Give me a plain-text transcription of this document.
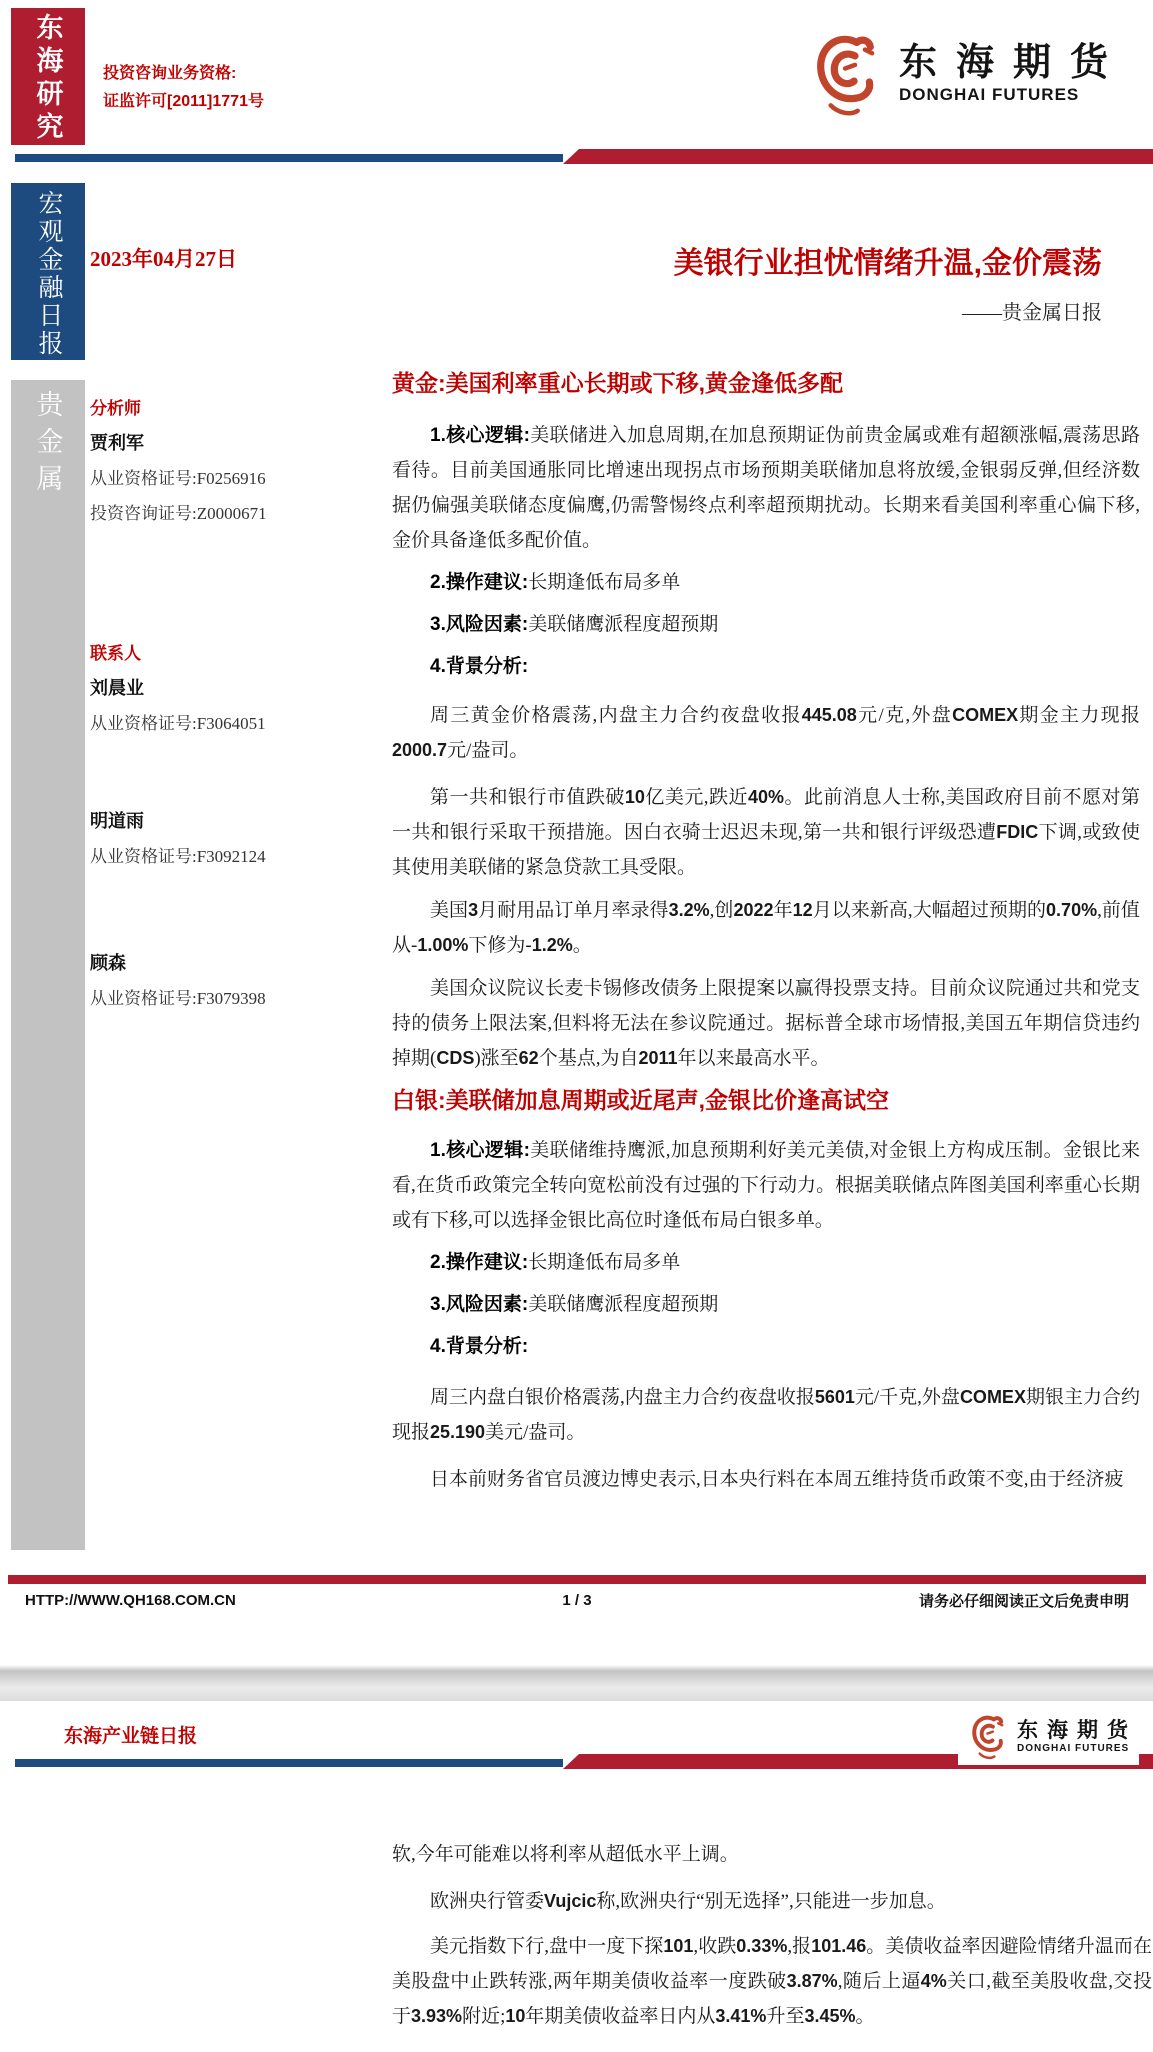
东海研究	投资咨询业务资格:
证监许可[2011]1771号
东海期货
DONGHAI FUTURES
宏观金融日报
贵金属
2023年04月27日	美银行业担忧情绪升温,金价震荡
——贵金属日报
分析师
贾利军
从业资格证号:F0256916
投资咨询证号:Z0000671
联系人
刘晨业
从业资格证号:F3064051
明道雨
从业资格证号:F3092124
顾森
从业资格证号:F3079398
黄金:美国利率重心长期或下移,黄金逢低多配

1.核心逻辑:美联储进入加息周期,在加息预期证伪前贵金属或难有超额涨幅,震荡思路看待。目前美国通胀同比增速出现拐点市场预期美联储加息将放缓,金银弱反弹,但经济数据仍偏强美联储态度偏鹰,仍需警惕终点利率超预期扰动。长期来看美国利率重心偏下移,金价具备逢低多配价值。

2.操作建议:长期逢低布局多单

3.风险因素:美联储鹰派程度超预期

4.背景分析:

周三黄金价格震荡,内盘主力合约夜盘收报445.08元/克,外盘COMEX期金主力现报2000.7元/盎司。

第一共和银行市值跌破10亿美元,跌近40%。此前消息人士称,美国政府目前不愿对第一共和银行采取干预措施。因白衣骑士迟迟未现,第一共和银行评级恐遭FDIC下调,或致使其使用美联储的紧急贷款工具受限。

美国3月耐用品订单月率录得3.2%,创2022年12月以来新高,大幅超过预期的0.70%,前值从-1.00%下修为-1.2%。

美国众议院议长麦卡锡修改债务上限提案以赢得投票支持。目前众议院通过共和党支持的债务上限法案,但料将无法在参议院通过。据标普全球市场情报,美国五年期信贷违约掉期(CDS)涨至62个基点,为自2011年以来最高水平。

白银:美联储加息周期或近尾声,金银比价逢高试空

1.核心逻辑:美联储维持鹰派,加息预期利好美元美债,对金银上方构成压制。金银比来看,在货币政策完全转向宽松前没有过强的下行动力。根据美联储点阵图美国利率重心长期或有下移,可以选择金银比高位时逢低布局白银多单。

2.操作建议:长期逢低布局多单

3.风险因素:美联储鹰派程度超预期

4.背景分析:

周三内盘白银价格震荡,内盘主力合约夜盘收报5601元/千克,外盘COMEX期银主力合约现报25.190美元/盎司。

日本前财务省官员渡边博史表示,日本央行料在本周五维持货币政策不变,由于经济疲

HTTP://WWW.QH168.COM.CN	1 / 3	请务必仔细阅读正文后免责申明
东海产业链日报	东海期货
DONGHAI FUTURES

软,今年可能难以将利率从超低水平上调。

欧洲央行管委Vujcic称,欧洲央行“别无选择”,只能进一步加息。

美元指数下行,盘中一度下探101,收跌0.33%,报101.46。美债收益率因避险情绪升温而在美股盘中止跌转涨,两年期美债收益率一度跌破3.87%,随后上逼4%关口,截至美股收盘,交投于3.93%附近;10年期美债收益率日内从3.41%升至3.45%。
